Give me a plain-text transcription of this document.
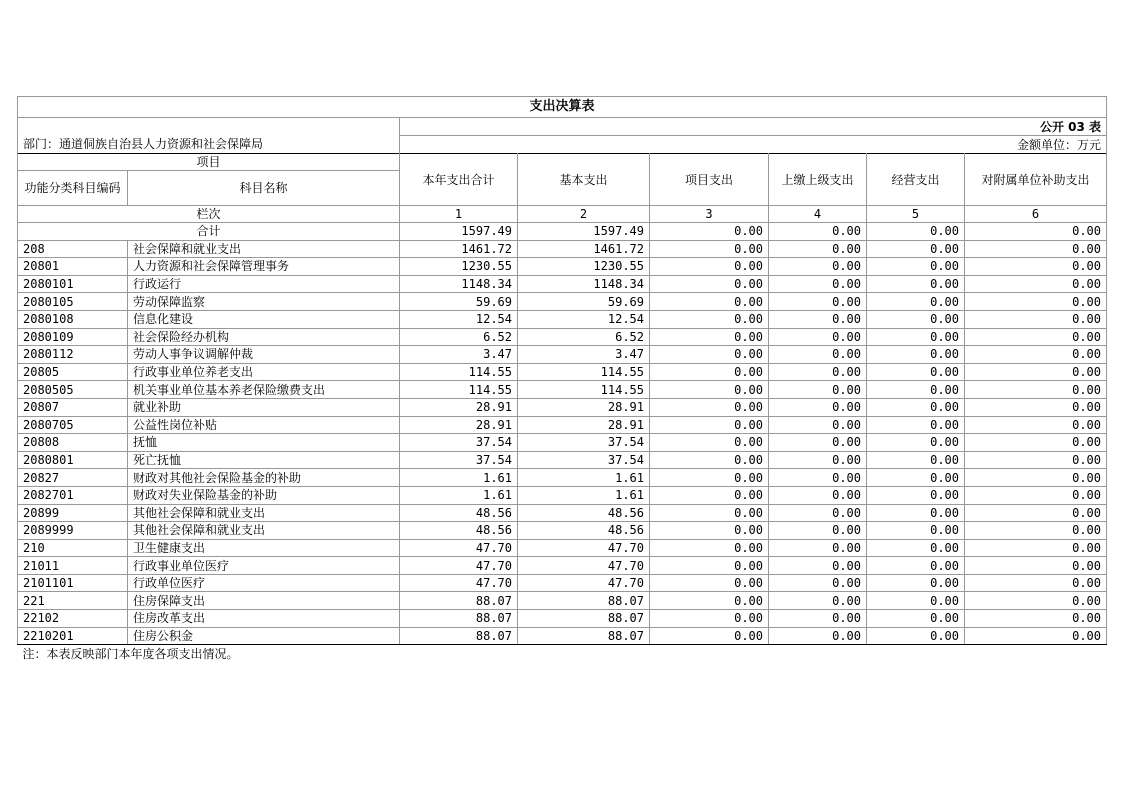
支出决算表							
		公开 03 表					
部门：通道侗族自治县人力资源和社会保障局		金额单位：万元					
项目		本年支出合计	基本支出	项目支出	上缴上级支出	经营支出	对附属单位补助支出
功能分类科目编码	科目名称						
栏次		1	2	3	4	5	6
合计		1597.49	1597.49	0.00	0.00	0.00	0.00
208	社会保障和就业支出	1461.72	1461.72	0.00	0.00	0.00	0.00
20801	人力资源和社会保障管理事务	1230.55	1230.55	0.00	0.00	0.00	0.00
2080101	行政运行	1148.34	1148.34	0.00	0.00	0.00	0.00
2080105	劳动保障监察	59.69	59.69	0.00	0.00	0.00	0.00
2080108	信息化建设	12.54	12.54	0.00	0.00	0.00	0.00
2080109	社会保险经办机构	6.52	6.52	0.00	0.00	0.00	0.00
2080112	劳动人事争议调解仲裁	3.47	3.47	0.00	0.00	0.00	0.00
20805	行政事业单位养老支出	114.55	114.55	0.00	0.00	0.00	0.00
2080505	机关事业单位基本养老保险缴费支出	114.55	114.55	0.00	0.00	0.00	0.00
20807	就业补助	28.91	28.91	0.00	0.00	0.00	0.00
2080705	公益性岗位补贴	28.91	28.91	0.00	0.00	0.00	0.00
20808	抚恤	37.54	37.54	0.00	0.00	0.00	0.00
2080801	死亡抚恤	37.54	37.54	0.00	0.00	0.00	0.00
20827	财政对其他社会保险基金的补助	1.61	1.61	0.00	0.00	0.00	0.00
2082701	财政对失业保险基金的补助	1.61	1.61	0.00	0.00	0.00	0.00
20899	其他社会保障和就业支出	48.56	48.56	0.00	0.00	0.00	0.00
2089999	其他社会保障和就业支出	48.56	48.56	0.00	0.00	0.00	0.00
210	卫生健康支出	47.70	47.70	0.00	0.00	0.00	0.00
21011	行政事业单位医疗	47.70	47.70	0.00	0.00	0.00	0.00
2101101	行政单位医疗	47.70	47.70	0.00	0.00	0.00	0.00
221	住房保障支出	88.07	88.07	0.00	0.00	0.00	0.00
22102	住房改革支出	88.07	88.07	0.00	0.00	0.00	0.00
2210201	住房公积金	88.07	88.07	0.00	0.00	0.00	0.00
注：本表反映部门本年度各项支出情况。							
